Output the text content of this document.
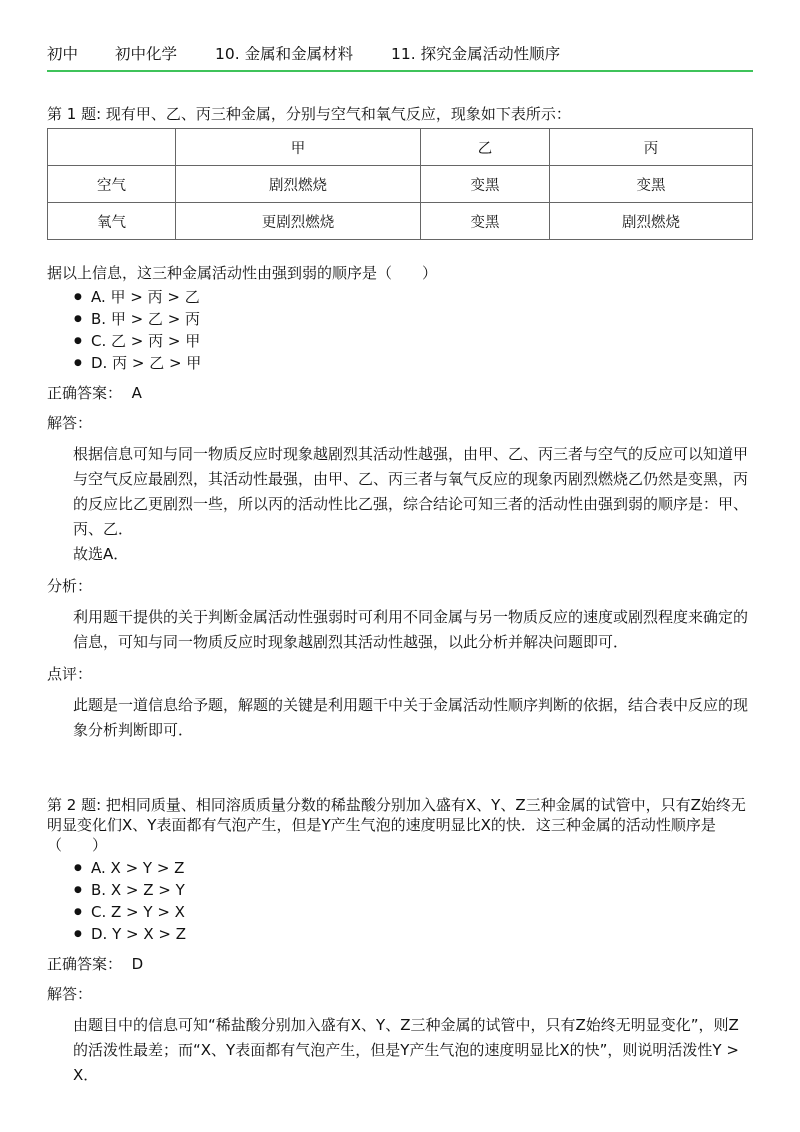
初中 初中化学 10. 金属和金属材料 11. 探究金属活动性顺序

第 1 题: 现有甲、乙、丙三种金属，分别与空气和氧气反应，现象如下表所示：

	甲	乙	丙
空气	剧烈燃烧	变黑	变黑
氧气	更剧烈燃烧	变黑	剧烈燃烧

据以上信息，这三种金属活动性由强到弱的顺序是（　　）

● A. 甲 > 丙 > 乙
● B. 甲 > 乙 > 丙
● C. 乙 > 丙 > 甲
● D. 丙 > 乙 > 甲

正确答案： A

解答：

根据信息可知与同一物质反应时现象越剧烈其活动性越强，由甲、乙、丙三者与空气的反应可以知道甲与空气反应最剧烈，其活动性最强，由甲、乙、丙三者与氧气反应的现象丙剧烈燃烧乙仍然是变黑，丙的反应比乙更剧烈一些，所以丙的活动性比乙强，综合结论可知三者的活动性由强到弱的顺序是：甲、丙、乙．

故选A．

分析：

利用题干提供的关于判断金属活动性强弱时可利用不同金属与另一物质反应的速度或剧烈程度来确定的信息，可知与同一物质反应时现象越剧烈其活动性越强，以此分析并解决问题即可．

点评：

此题是一道信息给予题，解题的关键是利用题干中关于金属活动性顺序判断的依据，结合表中反应的现象分析判断即可．

第 2 题: 把相同质量、相同溶质质量分数的稀盐酸分别加入盛有X、Y、Z三种金属的试管中，只有Z始终无明显变化们X、Y表面都有气泡产生，但是Y产生气泡的速度明显比X的快．这三种金属的活动性顺序是（　　）

● A. X > Y > Z
● B. X > Z > Y
● C. Z > Y > X
● D. Y > X > Z

正确答案： D

解答：

由题目中的信息可知“稀盐酸分别加入盛有X、Y、Z三种金属的试管中，只有Z始终无明显变化”，则Z的活泼性最差；而“X、Y表面都有气泡产生，但是Y产生气泡的速度明显比X的快”，则说明活泼性Y > X．
